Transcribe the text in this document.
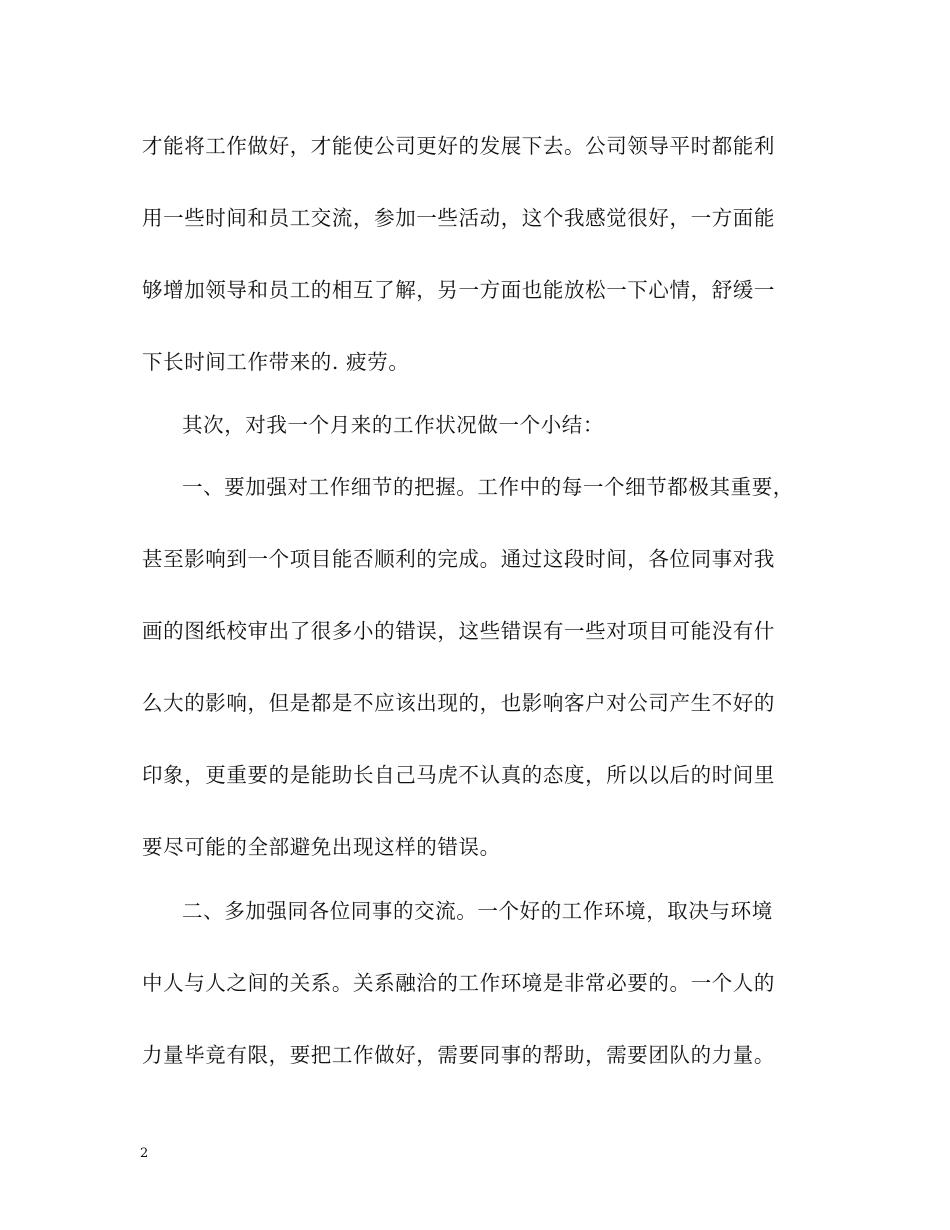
才能将工作做好，才能使公司更好的发展下去。公司领导平时都能利
用一些时间和员工交流，参加一些活动，这个我感觉很好，一方面能
够增加领导和员工的相互了解，另一方面也能放松一下心情，舒缓一
下长时间工作带来的. 疲劳。
其次，对我一个月来的工作状况做一个小结：
一、要加强对工作细节的把握。工作中的每一个细节都极其重要，
甚至影响到一个项目能否顺利的完成。通过这段时间，各位同事对我
画的图纸校审出了很多小的错误，这些错误有一些对项目可能没有什
么大的影响，但是都是不应该出现的，也影响客户对公司产生不好的
印象，更重要的是能助长自己马虎不认真的态度，所以以后的时间里
要尽可能的全部避免出现这样的错误。
二、多加强同各位同事的交流。一个好的工作环境，取决与环境
中人与人之间的关系。关系融洽的工作环境是非常必要的。一个人的
力量毕竟有限，要把工作做好，需要同事的帮助，需要团队的力量。
2
